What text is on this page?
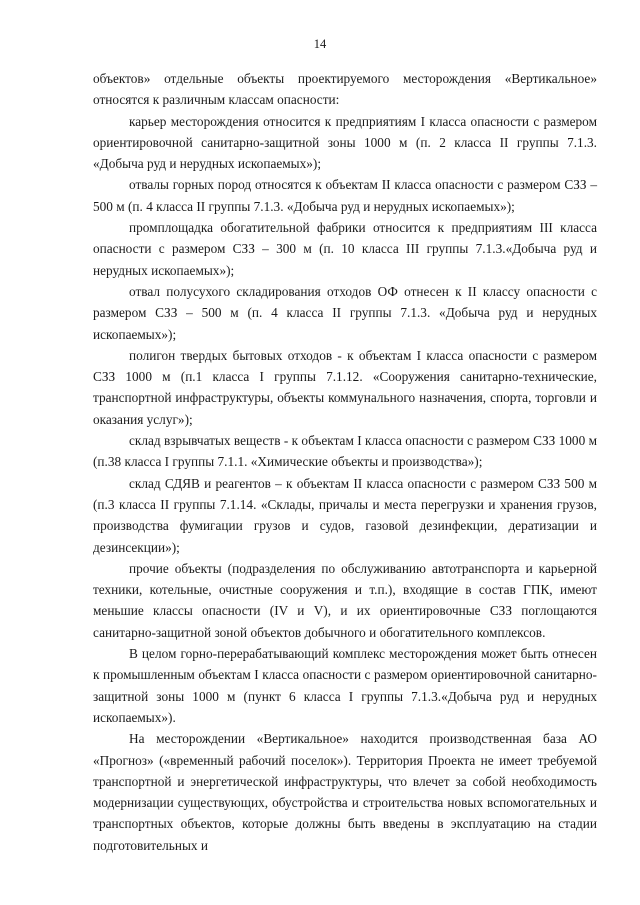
14

объектов» отдельные объекты проектируемого месторождения «Вертикальное» относятся к различным классам опасности:

карьер месторождения относится к предприятиям I класса опасности с размером ориентировочной санитарно-защитной зоны 1000 м (п. 2 класса II группы 7.1.3. «Добыча руд и нерудных ископаемых»);

отвалы горных пород относятся к объектам II класса опасности с размером СЗЗ – 500 м (п. 4 класса II группы 7.1.3. «Добыча руд и нерудных ископаемых»);

промплощадка обогатительной фабрики относится к предприятиям III класса опасности с размером СЗЗ – 300 м (п. 10 класса III группы 7.1.3.«Добыча руд и нерудных ископаемых»);

отвал полусухого складирования отходов ОФ отнесен к II классу опасности с размером СЗЗ – 500 м (п. 4 класса II группы 7.1.3. «Добыча руд и нерудных ископаемых»);

полигон твердых бытовых отходов - к объектам I класса опасности с размером СЗЗ 1000 м (п.1 класса I группы 7.1.12. «Сооружения санитарно-технические, транспортной инфраструктуры, объекты коммунального назначения, спорта, торговли и оказания услуг»);

склад взрывчатых веществ - к объектам I класса опасности с размером СЗЗ 1000 м (п.38 класса I группы 7.1.1. «Химические объекты и производства»);

склад СДЯВ и реагентов – к объектам II класса опасности с размером СЗЗ 500 м (п.3 класса II группы 7.1.14. «Склады, причалы и места перегрузки и хранения грузов, производства фумигации грузов и судов, газовой дезинфекции, дератизации и дезинсекции»);

прочие объекты (подразделения по обслуживанию автотранспорта и карьерной техники, котельные, очистные сооружения и т.п.), входящие в состав ГПК, имеют меньшие классы опасности (IV и V), и их ориентировочные СЗЗ поглощаются санитарно-защитной зоной объектов добычного и обогатительного комплексов.

В целом горно-перерабатывающий комплекс месторождения может быть отнесен к промышленным объектам I класса опасности с размером ориентировочной санитарно-защитной зоны 1000 м (пункт 6 класса I группы 7.1.3.«Добыча руд и нерудных ископаемых»).

На месторождении «Вертикальное» находится производственная база АО «Прогноз» («временный рабочий поселок»). Территория Проекта не имеет требуемой транспортной и энергетической инфраструктуры, что влечет за собой необходимость модернизации существующих, обустройства и строительства новых вспомогательных и транспортных объектов, которые должны быть введены в эксплуатацию на стадии подготовительных и
